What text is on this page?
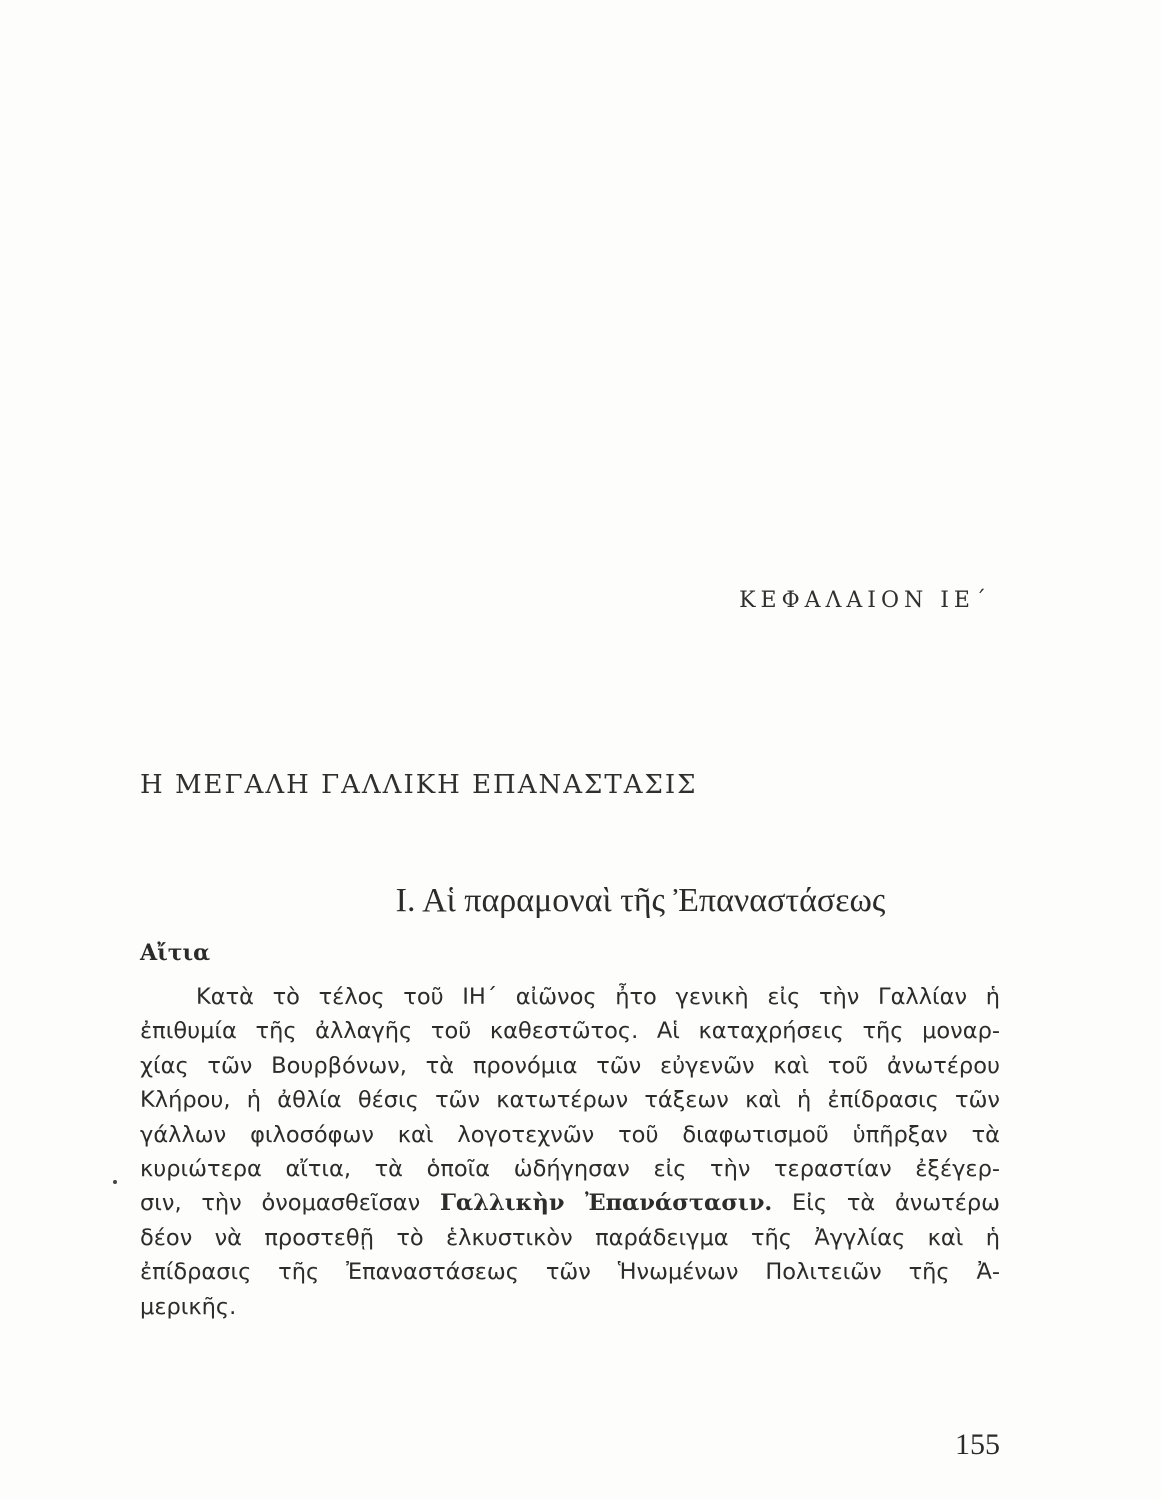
ΚΕΦΑΛΑΙΟΝ ΙΕ΄
Η ΜΕΓΑΛΗ ΓΑΛΛΙΚΗ ΕΠΑΝΑΣΤΑΣΙΣ
Ι. Αἱ παραμοναὶ τῆς Ἐπαναστάσεως
Αἴτια
Κατὰ τὸ τέλος τοῦ ΙΗ΄ αἰῶνος ἦτο γενικὴ εἰς τὴν Γαλλίαν ἡ
ἐπιθυμία τῆς ἀλλαγῆς τοῦ καθεστῶτος. Αἱ καταχρήσεις τῆς μοναρ-
χίας τῶν Βουρβόνων, τὰ προνόμια τῶν εὐγενῶν καὶ τοῦ ἀνωτέρου
Κλήρου, ἡ ἀθλία θέσις τῶν κατωτέρων τάξεων καὶ ἡ ἐπίδρασις τῶν
γάλλων φιλοσόφων καὶ λογοτεχνῶν τοῦ διαφωτισμοῦ ὑπῆρξαν τὰ
κυριώτερα αἴτια, τὰ ὁποῖα ὡδήγησαν εἰς τὴν τεραστίαν ἐξέγερ-
σιν, τὴν ὀνομασθεῖσαν Γαλλικὴν Ἐπανάστασιν. Εἰς τὰ ἀνωτέρω
δέον νὰ προστεθῇ τὸ ἑλκυστικὸν παράδειγμα τῆς Ἀγγλίας καὶ ἡ
ἐπίδρασις τῆς Ἐπαναστάσεως τῶν Ἡνωμένων Πολιτειῶν τῆς Ἀ-
μερικῆς.
155
